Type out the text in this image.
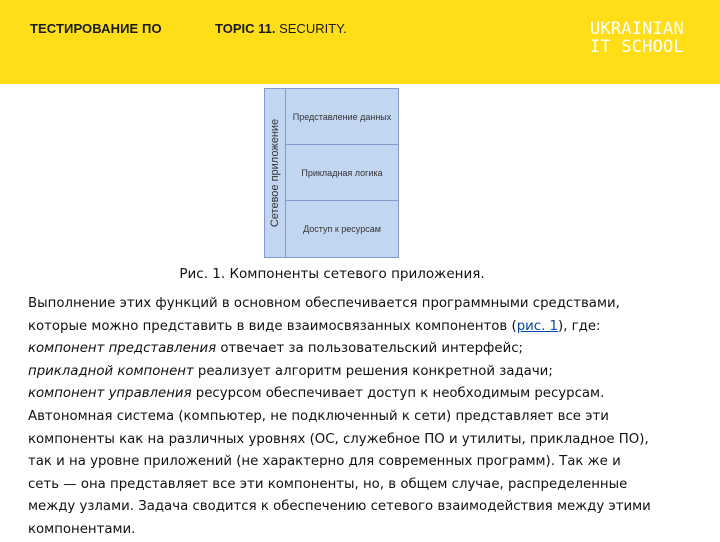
ТЕСТИРОВАНИЕ ПО	TOPIC 11. SECURITY.	UKRAINIAN
IT SCHOOL
Сетевое приложение
Представление данных
Прикладная логика
Доступ к ресурсам
Рис. 1. Компоненты сетевого приложения.
Выполнение этих функций в основном обеспечивается программными средствами,
которые можно представить в виде взаимосвязанных компонентов (рис. 1), где:
компонент представления отвечает за пользовательский интерфейс;
прикладной компонент реализует алгоритм решения конкретной задачи;
компонент управления ресурсом обеспечивает доступ к необходимым ресурсам.
Автономная система (компьютер, не подключенный к сети) представляет все эти
компоненты как на различных уровнях (ОС, служебное ПО и утилиты, прикладное ПО),
так и на уровне приложений (не характерно для современных программ). Так же и
сеть — она представляет все эти компоненты, но, в общем случае, распределенные
между узлами. Задача сводится к обеспечению сетевого взаимодействия между этими
компонентами.
